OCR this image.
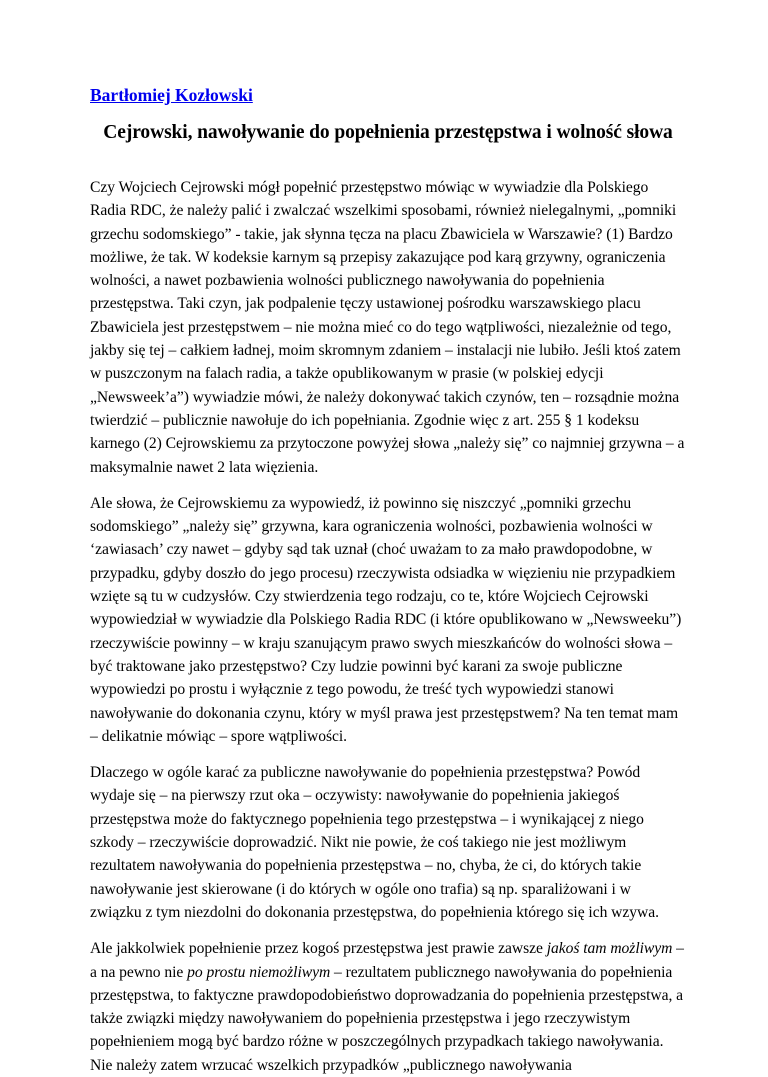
Bartłomiej Kozłowski
Cejrowski, nawoływanie do popełnienia przestępstwa i wolność słowa

Czy Wojciech Cejrowski mógł popełnić przestępstwo mówiąc w wywiadzie dla Polskiego Radia RDC, że należy palić i zwalczać wszelkimi sposobami, również nielegalnymi, „pomniki grzechu sodomskiego” - takie, jak słynna tęcza na placu Zbawiciela w Warszawie? (1) Bardzo możliwe, że tak. W kodeksie karnym są przepisy zakazujące pod karą grzywny, ograniczenia wolności, a nawet pozbawienia wolności publicznego nawoływania do popełnienia przestępstwa. Taki czyn, jak podpalenie tęczy ustawionej pośrodku warszawskiego placu Zbawiciela jest przestępstwem – nie można mieć co do tego wątpliwości, niezależnie od tego, jakby się tej – całkiem ładnej, moim skromnym zdaniem – instalacji nie lubiło. Jeśli ktoś zatem w puszczonym na falach radia, a także opublikowanym w prasie (w polskiej edycji „Newsweek’a”) wywiadzie mówi, że należy dokonywać takich czynów, ten – rozsądnie można twierdzić – publicznie nawołuje do ich popełniania. Zgodnie więc z art. 255 § 1 kodeksu karnego (2) Cejrowskiemu za przytoczone powyżej słowa „należy się” co najmniej grzywna – a maksymalnie nawet 2 lata więzienia.

Ale słowa, że Cejrowskiemu za wypowiedź, iż powinno się niszczyć „pomniki grzechu sodomskiego” „należy się” grzywna, kara ograniczenia wolności, pozbawienia wolności w ‘zawiasach’ czy nawet – gdyby sąd tak uznał (choć uważam to za mało prawdopodobne, w przypadku, gdyby doszło do jego procesu) rzeczywista odsiadka w więzieniu nie przypadkiem wzięte są tu w cudzysłów. Czy stwierdzenia tego rodzaju, co te, które Wojciech Cejrowski wypowiedział w wywiadzie dla Polskiego Radia RDC (i które opublikowano w „Newsweeku”) rzeczywiście powinny – w kraju szanującym prawo swych mieszkańców do wolności słowa – być traktowane jako przestępstwo? Czy ludzie powinni być karani za swoje publiczne wypowiedzi po prostu i wyłącznie z tego powodu, że treść tych wypowiedzi stanowi nawoływanie do dokonania czynu, który w myśl prawa jest przestępstwem? Na ten temat mam – delikatnie mówiąc – spore wątpliwości.

Dlaczego w ogóle karać za publiczne nawoływanie do popełnienia przestępstwa? Powód wydaje się – na pierwszy rzut oka – oczywisty: nawoływanie do popełnienia jakiegoś przestępstwa może do faktycznego popełnienia tego przestępstwa – i wynikającej z niego szkody – rzeczywiście doprowadzić. Nikt nie powie, że coś takiego nie jest możliwym rezultatem nawoływania do popełnienia przestępstwa – no, chyba, że ci, do których takie nawoływanie jest skierowane (i do których w ogóle ono trafia) są np. sparaliżowani i w związku z tym niezdolni do dokonania przestępstwa, do popełnienia którego się ich wzywa.

Ale jakkolwiek popełnienie przez kogoś przestępstwa jest prawie zawsze jakoś tam możliwym – a na pewno nie po prostu niemożliwym – rezultatem publicznego nawoływania do popełnienia przestępstwa, to faktyczne prawdopodobieństwo doprowadzania do popełnienia przestępstwa, a także związki między nawoływaniem do popełnienia przestępstwa i jego rzeczywistym popełnieniem mogą być bardzo różne w poszczególnych przypadkach takiego nawoływania. Nie należy zatem wrzucać wszelkich przypadków „publicznego nawoływania
